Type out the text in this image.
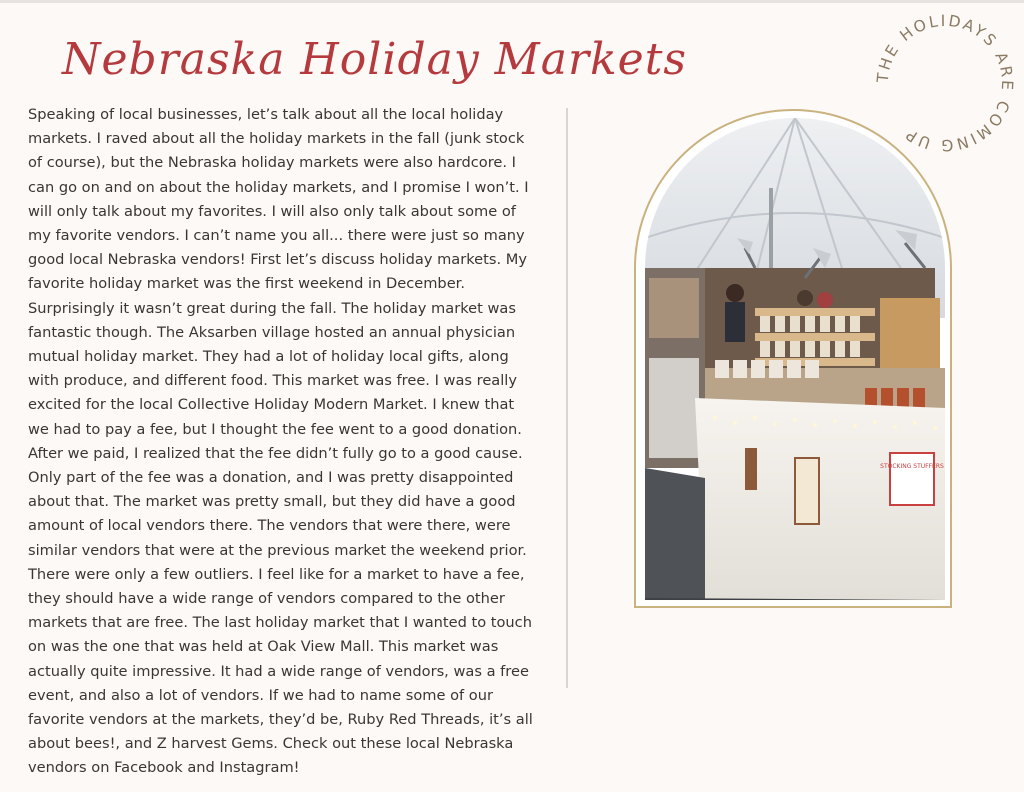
Nebraska Holiday Markets

Speaking of local businesses, let’s talk about all the local holiday markets. I raved about all the holiday markets in the fall (junk stock of course), but the Nebraska holiday markets were also hardcore. I can go on and on about the holiday markets, and I promise I won’t. I will only talk about my favorites. I will also only talk about some of my favorite vendors. I can’t name you all... there were just so many good local Nebraska vendors! First let’s discuss holiday markets. My favorite holiday market was the first weekend in December. Surprisingly it wasn’t great during the fall. The holiday market was fantastic though. The Aksarben village hosted an annual physician mutual holiday market. They had a lot of holiday local gifts, along with produce, and different food. This market was free. I was really excited for the local Collective Holiday Modern Market. I knew that we had to pay a fee, but I thought the fee went to a good donation. After we paid, I realized that the fee didn’t fully go to a good cause. Only part of the fee was a donation, and I was pretty disappointed about that. The market was pretty small, but they did have a good amount of local vendors there. The vendors that were there, were similar vendors that were at the previous market the weekend prior. There were only a few outliers. I feel like for a market to have a fee, they should have a wide range of vendors compared to the other markets that are free. The last holiday market that I wanted to touch on was the one that was held at Oak View Mall. This market was actually quite impressive. It had a wide range of vendors, was a free event, and also a lot of vendors. If we had to name some of our favorite vendors at the markets, they’d be, Ruby Red Threads, it’s all about bees!, and Z harvest Gems. Check out these local Nebraska vendors on Facebook and Instagram!

STOCKING STUFFERS
THE HOLIDAYS ARE COMING UP
